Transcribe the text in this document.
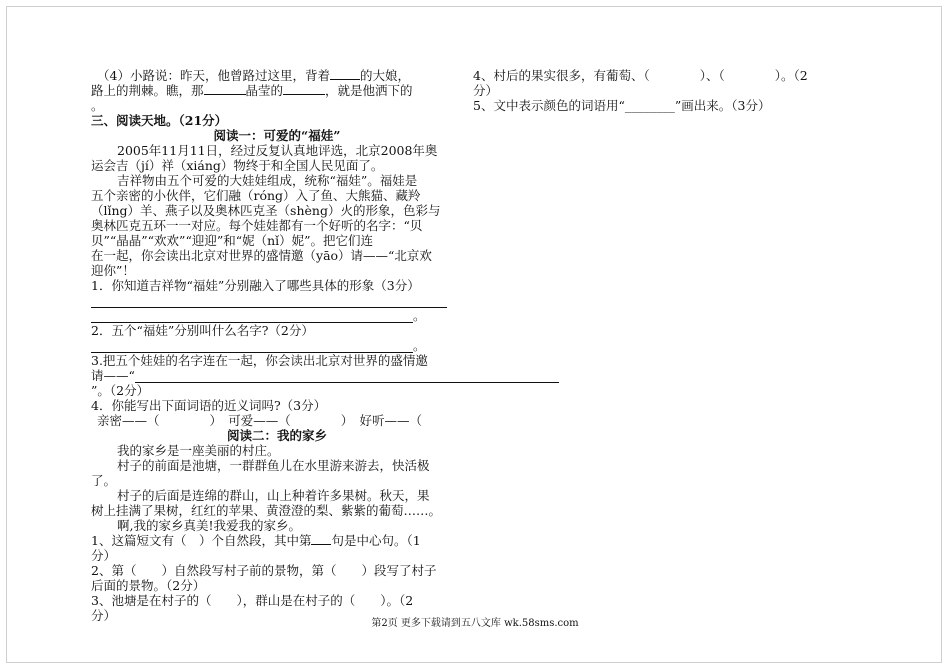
（4）小路说：昨天，他曾路过这里，背着 的大娘，
路上的荆棘。瞧，那	晶莹的	，就是他洒下的
。
三、阅读天地。（21分）
阅读一：可爱的“福娃”
2005年11月11日，经过反复认真地评选，北京2008年奥
运会吉（jí）祥（xiáng）物终于和全国人民见面了。
吉祥物由五个可爱的大娃娃组成，统称“福娃”。福娃是
五个亲密的小伙伴，它们融（róng）入了鱼、大熊猫、藏羚
（lǐng）羊、燕子以及奥林匹克圣（shèng）火的形象，色彩与
奥林匹克五环一一对应。每个娃娃都有一个好听的名字：“贝
贝”“晶晶”“欢欢”“迎迎”和“妮（nǐ）妮”。把它们连
在一起，你会读出北京对世界的盛情邀（yāo）请——“北京欢
迎你”！
1．你知道吉祥物“福娃”分别融入了哪些具体的形象（3分）
。
2．五个“福娃”分别叫什么名字?（2分）
。
3.把五个娃娃的名字连在一起，你会读出北京对世界的盛情邀
请——“
”。（2分）
4．你能写出下面词语的近义词吗?（3分）
亲密——（　　　　）　可爱——（　　　　）　好听——（
阅读二：我的家乡
我的家乡是一座美丽的村庄。
村子的前面是池塘，一群群鱼儿在水里游来游去，快活极
了。
村子的后面是连绵的群山，山上种着许多果树。秋天，果
树上挂满了果树，红红的苹果、黄澄澄的梨、紫紫的葡萄……。
啊,我的家乡真美!我爱我的家乡。
1、这篇短文有（　）个自然段，其中第 句是中心句。（1
分）
2、第（　　）自然段写村子前的景物，第（　　）段写了村子
后面的景物。（2分）
3、池塘是在村子的（　　），群山是在村子的（　　）。（2
分）
4、村后的果实很多，有葡萄、（　　　　）、（　　　　）。（2
分）
5、文中表示颜色的词语用“________”画出来。（3分）
第2页 更多下载请到五八文库 wk.58sms.com
